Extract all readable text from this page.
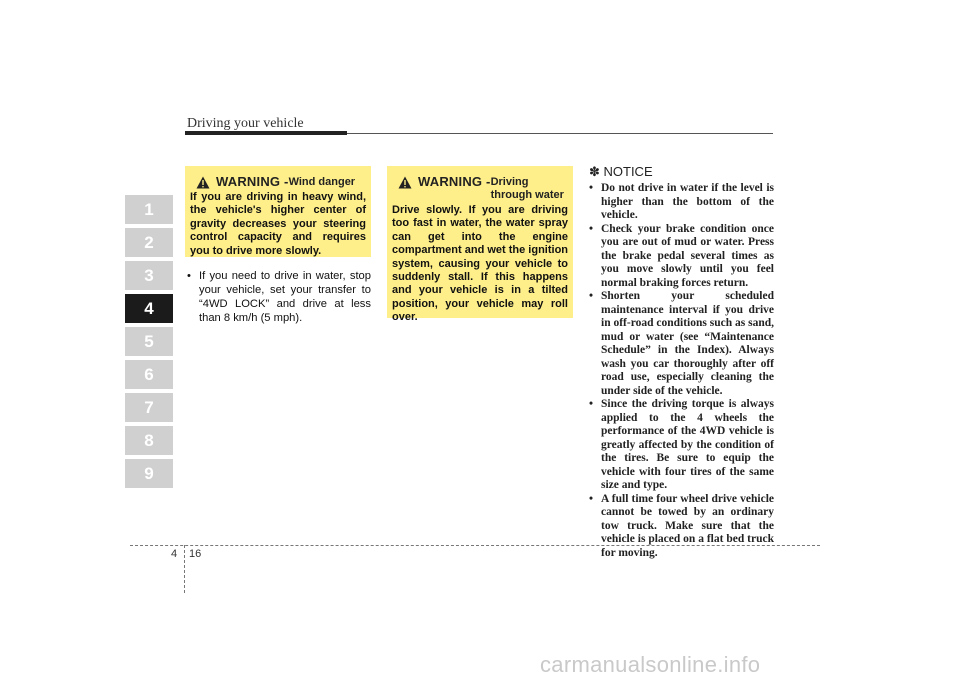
Driving your vehicle
1
2
3
4
5
6
7
8
9
WARNING - Wind danger
If you are driving in heavy wind, the vehicle's higher center of gravity decreases your steering control capacity and requires you to drive more slowly.
• If you need to drive in water, stop your vehicle, set your transfer to “4WD LOCK” and drive at less than 8 km/h (5 mph).
WARNING - Driving
through water
Drive slowly. If you are driving too fast in water, the water spray can get into the engine compartment and wet the ignition system, causing your vehicle to suddenly stall. If this happens and your vehicle is in a tilted position, your vehicle may roll over.
✽ NOTICE
• Do not drive in water if the level is higher than the bottom of the vehicle.
• Check your brake condition once you are out of mud or water. Press the brake pedal several times as you move slowly until you feel normal braking forces return.
• Shorten your scheduled maintenance interval if you drive in off-road conditions such as sand, mud or water (see “Maintenance Schedule” in the Index). Always wash you car thoroughly after off road use, especially cleaning the under side of the vehicle.
• Since the driving torque is always applied to the 4 wheels the performance of the 4WD vehicle is greatly affected by the condition of the tires. Be sure to equip the vehicle with four tires of the same size and type.
• A full time four wheel drive vehicle cannot be towed by an ordinary tow truck. Make sure that the vehicle is placed on a flat bed truck for moving.
4 16
carmanualsonline.info
